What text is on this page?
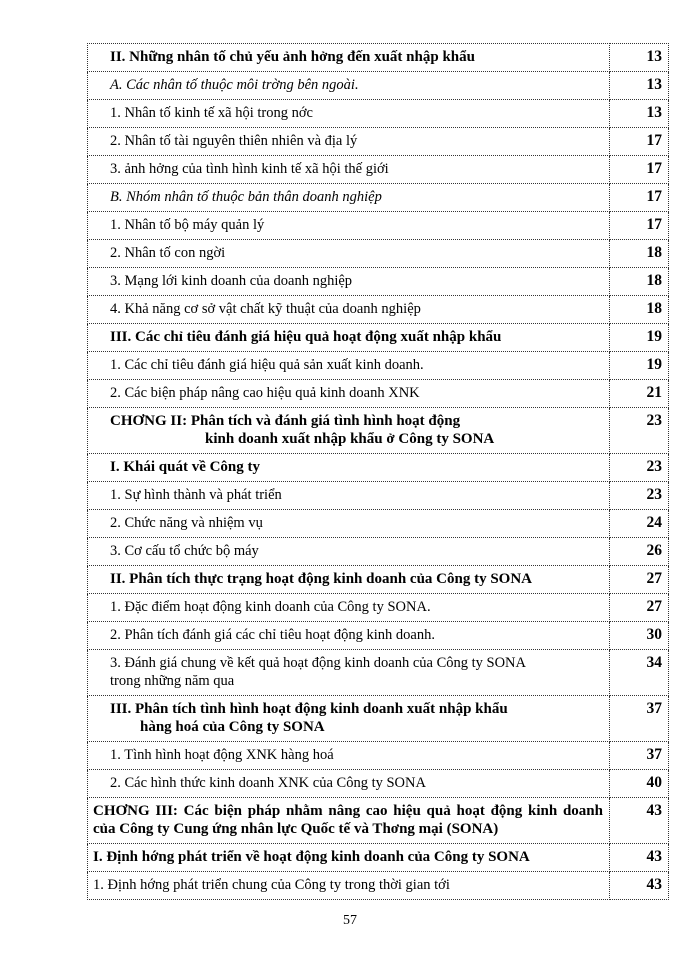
II. Những nhân tố chủ yếu ảnh hởng đến xuất nhập khẩu	13
A. Các nhân tố thuộc môi trờng bên ngoài.	13
1. Nhân tố kinh tế xã hội trong nớc	13
2. Nhân tố tài nguyên thiên nhiên và địa lý	17
3. ảnh hởng của tình hình kinh tế xã hội thế giới	17
B. Nhóm nhân tố thuộc bản thân doanh nghiệp	17
1. Nhân tố bộ máy quản lý	17
2. Nhân tố con ngời	18
3. Mạng lới kinh doanh của doanh nghiệp	18
4. Khả năng cơ sở vật chất kỹ thuật của doanh nghiệp	18
III. Các chỉ tiêu đánh giá hiệu quả hoạt động xuất nhập khẩu	19
1. Các chỉ tiêu đánh giá hiệu quả sản xuất kinh doanh.	19
2. Các biện pháp nâng cao hiệu quả kinh doanh XNK	21
CHƠNG II: Phân tích và đánh giá tình hình hoạt động
kinh doanh xuất nhập khẩu ở Công ty SONA	23
I. Khái quát về Công ty	23
1. Sự hình thành và phát triển	23
2. Chức năng và nhiệm vụ	24
3. Cơ cấu tổ chức bộ máy	26
II. Phân tích thực trạng hoạt động kinh doanh của Công ty SONA	27
1. Đặc điểm hoạt động kinh doanh của Công ty SONA.	27
2. Phân tích đánh giá các chỉ tiêu hoạt động kinh doanh.	30
3. Đánh giá chung về kết quả hoạt động kinh doanh của Công ty SONA
trong những năm qua	34
III. Phân tích tình hình hoạt động kinh doanh xuất nhập khẩu
hàng hoá của Công ty SONA	37
1. Tình hình hoạt động XNK hàng hoá	37
2. Các hình thức kinh doanh XNK của Công ty SONA	40
CHƠNG III: Các biện pháp nhằm nâng cao hiệu quả hoạt động kinh doanh của Công ty Cung ứng nhân lực Quốc tế và Thơng mại (SONA)	43
I. Định hớng phát triển về hoạt động kinh doanh của Công ty SONA	43
1. Định hớng phát triển chung của Công ty trong thời gian tới	43
57
